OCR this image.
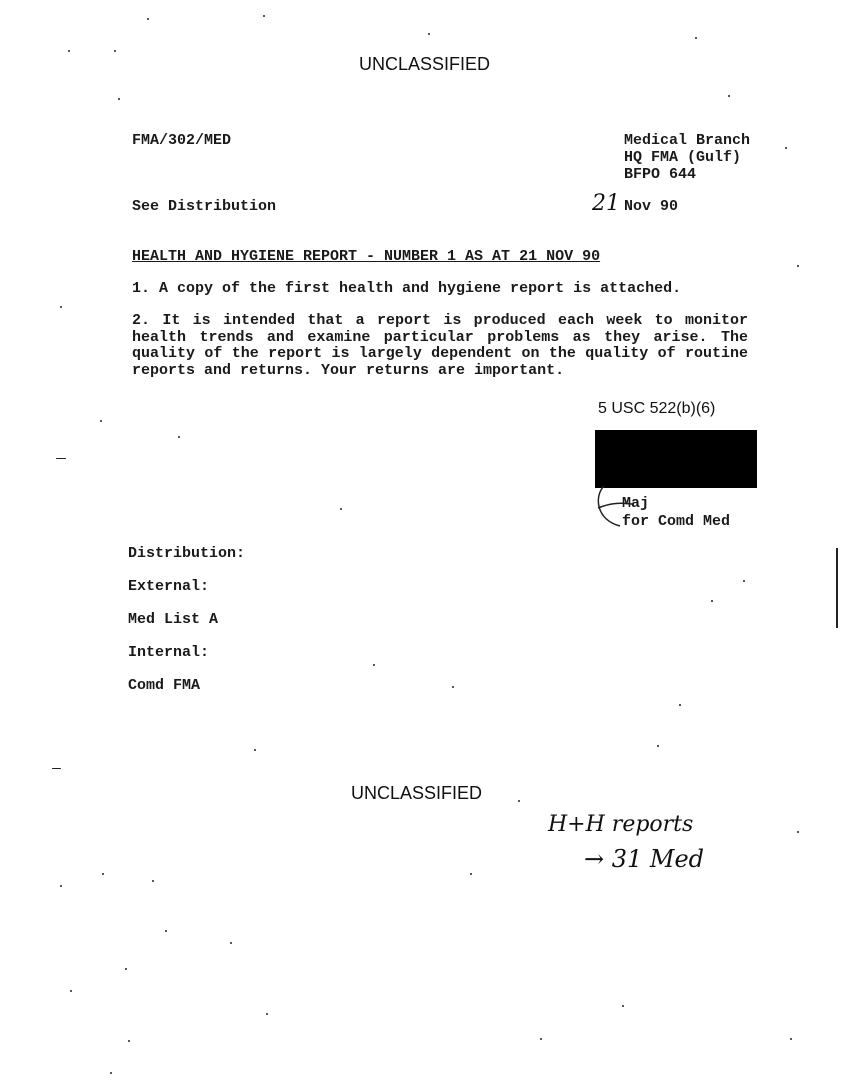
UNCLASSIFIED
FMA/302/MED	Medical Branch
HQ FMA (Gulf)
BFPO 644
See Distribution	21 Nov 90
HEALTH AND HYGIENE REPORT - NUMBER 1 AS AT 21 NOV 90
1. A copy of the first health and hygiene report is attached.
2. It is intended that a report is produced each week to monitor health trends and examine particular problems as they arise. The quality of the report is largely dependent on the quality of routine reports and returns. Your returns are important.
5 USC 522(b)(6)
Maj
for Comd Med
Distribution:
External:
Med List A
Internal:
Comd FMA
UNCLASSIFIED
H+H reports
→ 31 Med
